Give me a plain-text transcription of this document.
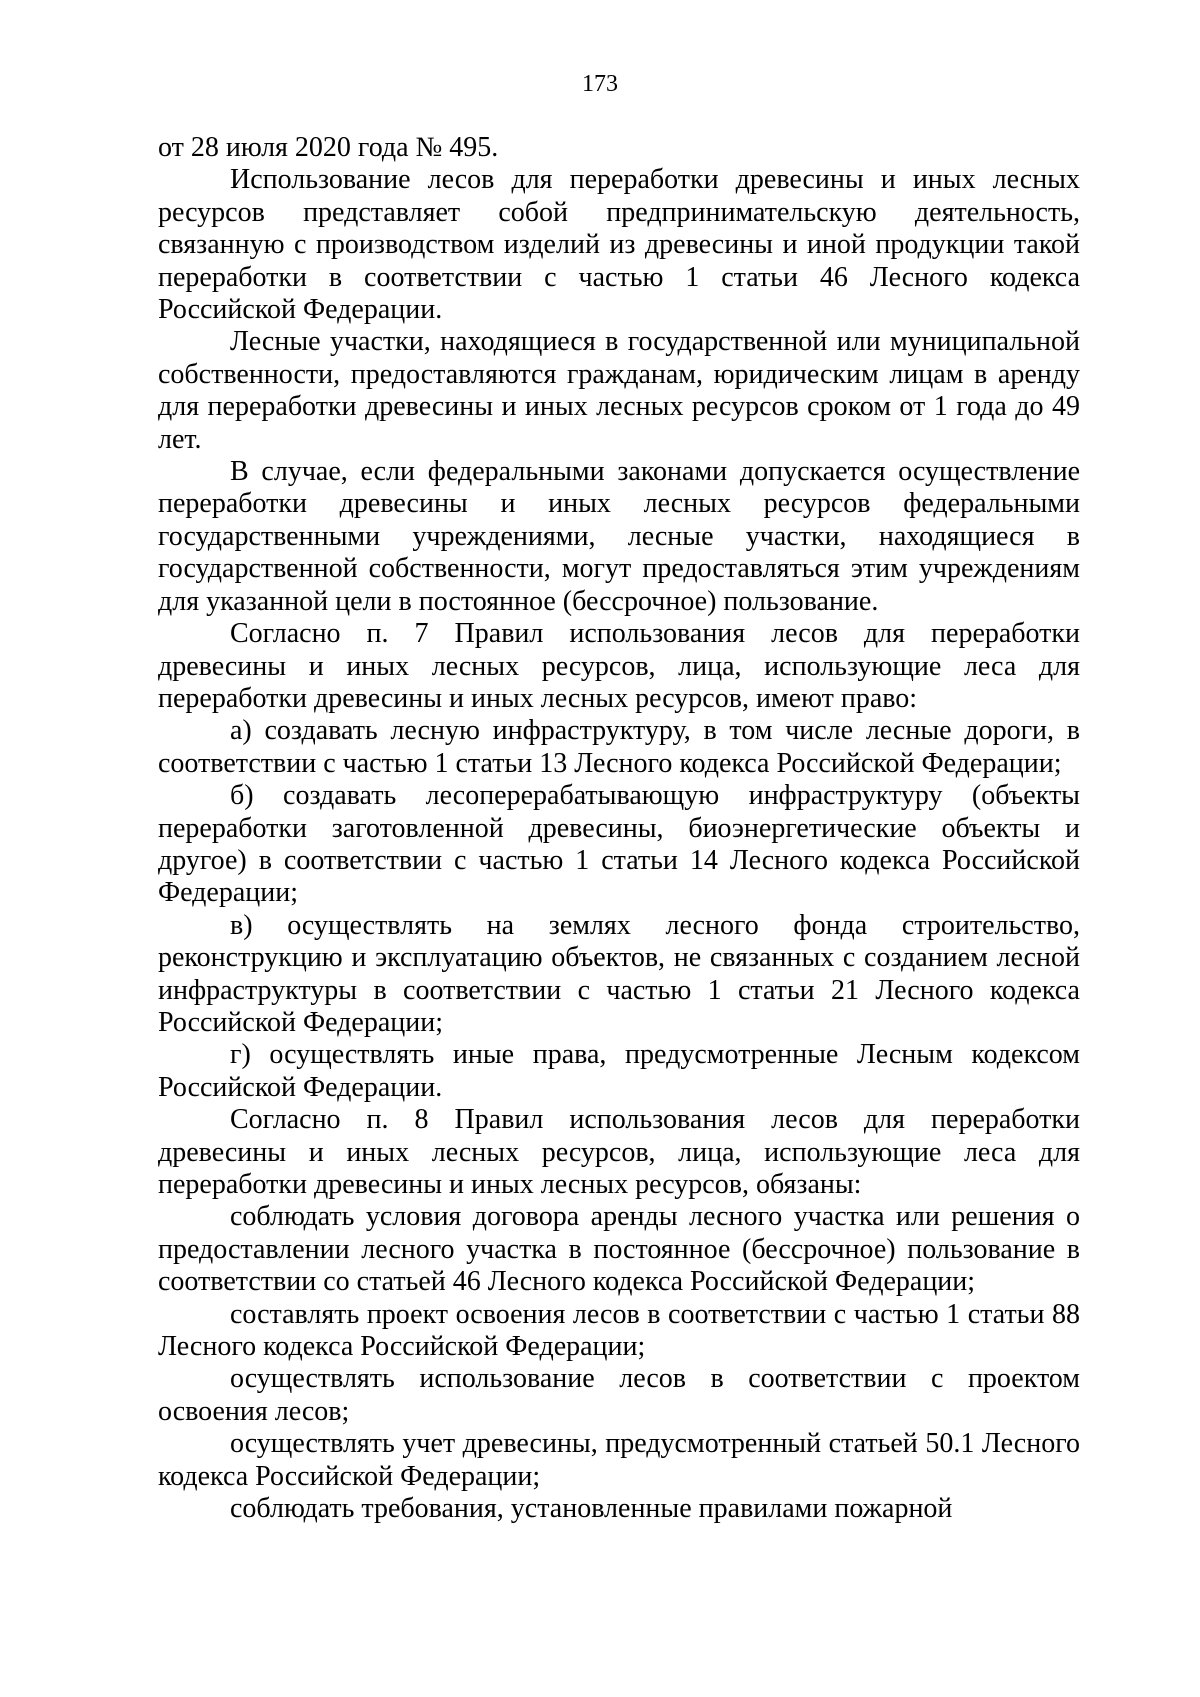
173

от 28 июля 2020 года № 495.

Использование лесов для переработки древесины и иных лесных ресурсов представляет собой предпринимательскую деятельность, связанную с производством изделий из древесины и иной продукции такой переработки в соответствии с частью 1 статьи 46 Лесного кодекса Российской Федерации.

Лесные участки, находящиеся в государственной или муниципальной собственности, предоставляются гражданам, юридическим лицам в аренду для переработки древесины и иных лесных ресурсов сроком от 1 года до 49 лет.

В случае, если федеральными законами допускается осуществление переработки древесины и иных лесных ресурсов федеральными государственными учреждениями, лесные участки, находящиеся в государственной собственности, могут предоставляться этим учреждениям для указанной цели в постоянное (бессрочное) пользование.

Согласно п. 7 Правил использования лесов для переработки древесины и иных лесных ресурсов, лица, использующие леса для переработки древесины и иных лесных ресурсов, имеют право:

а) создавать лесную инфраструктуру, в том числе лесные дороги, в соответствии с частью 1 статьи 13 Лесного кодекса Российской Федерации;

б) создавать лесоперерабатывающую инфраструктуру (объекты переработки заготовленной древесины, биоэнергетические объекты и другое) в соответствии с частью 1 статьи 14 Лесного кодекса Российской Федерации;

в) осуществлять на землях лесного фонда строительство, реконструкцию и эксплуатацию объектов, не связанных с созданием лесной инфраструктуры в соответствии с частью 1 статьи 21 Лесного кодекса Российской Федерации;

г) осуществлять иные права, предусмотренные Лесным кодексом Российской Федерации.

Согласно п. 8 Правил использования лесов для переработки древесины и иных лесных ресурсов, лица, использующие леса для переработки древесины и иных лесных ресурсов, обязаны:

соблюдать условия договора аренды лесного участка или решения о предоставлении лесного участка в постоянное (бессрочное) пользование в соответствии со статьей 46 Лесного кодекса Российской Федерации;

составлять проект освоения лесов в соответствии с частью 1 статьи 88 Лесного кодекса Российской Федерации;

осуществлять использование лесов в соответствии с проектом освоения лесов;

осуществлять учет древесины, предусмотренный статьей 50.1 Лесного кодекса Российской Федерации;

соблюдать требования, установленные правилами пожарной
